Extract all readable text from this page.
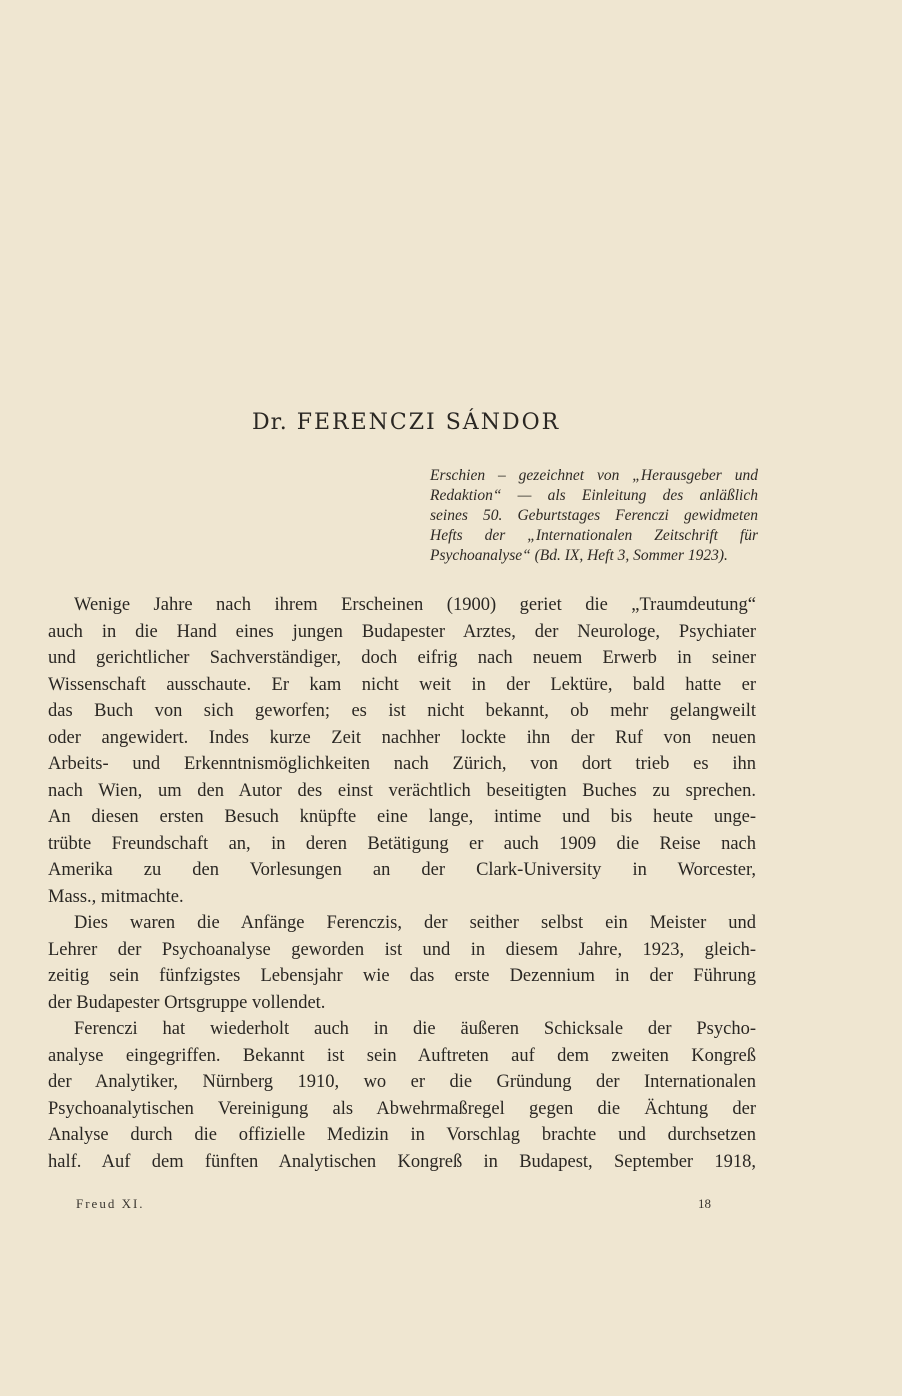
Dr. FERENCZI SÁNDOR
Erschien – gezeichnet von „Herausgeber und
Redaktion“ — als Einleitung des anläßlich
seines 50. Geburtstages Ferenczi gewidmeten
Hefts der „Internationalen Zeitschrift für
Psychoanalyse“ (Bd. IX, Heft 3, Sommer 1923).
Wenige Jahre nach ihrem Erscheinen (1900) geriet die „Traumdeutung“
auch in die Hand eines jungen Budapester Arztes, der Neurologe, Psychiater
und gerichtlicher Sachverständiger, doch eifrig nach neuem Erwerb in seiner
Wissenschaft ausschaute. Er kam nicht weit in der Lektüre, bald hatte er
das Buch von sich geworfen; es ist nicht bekannt, ob mehr gelangweilt
oder angewidert. Indes kurze Zeit nachher lockte ihn der Ruf von neuen
Arbeits- und Erkenntnismöglichkeiten nach Zürich, von dort trieb es ihn
nach Wien, um den Autor des einst verächtlich beseitigten Buches zu sprechen.
An diesen ersten Besuch knüpfte eine lange, intime und bis heute unge-
trübte Freundschaft an, in deren Betätigung er auch 1909 die Reise nach
Amerika zu den Vorlesungen an der Clark-University in Worcester,
Mass., mitmachte.
Dies waren die Anfänge Ferenczis, der seither selbst ein Meister und
Lehrer der Psychoanalyse geworden ist und in diesem Jahre, 1923, gleich-
zeitig sein fünfzigstes Lebensjahr wie das erste Dezennium in der Führung
der Budapester Ortsgruppe vollendet.
Ferenczi hat wiederholt auch in die äußeren Schicksale der Psycho-
analyse eingegriffen. Bekannt ist sein Auftreten auf dem zweiten Kongreß
der Analytiker, Nürnberg 1910, wo er die Gründung der Internationalen
Psychoanalytischen Vereinigung als Abwehrmaßregel gegen die Ächtung der
Analyse durch die offizielle Medizin in Vorschlag brachte und durchsetzen
half. Auf dem fünften Analytischen Kongreß in Budapest, September 1918,
Freud XI.	18
